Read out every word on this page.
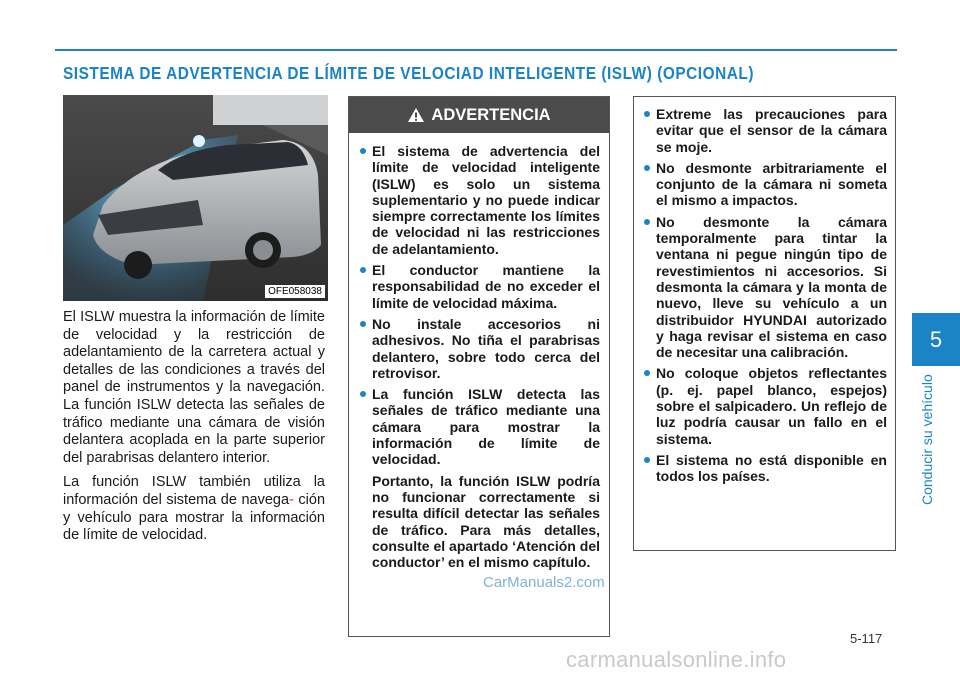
SISTEMA DE ADVERTENCIA DE LÍMITE DE VELOCIAD INTELIGENTE (ISLW) (OPCIONAL)
OFE058038

El ISLW muestra la información de límite de velocidad y la restricción de adelantamiento de la carretera actual y detalles de las condiciones a través del panel de instrumentos y la navegación. La función ISLW detecta las señales de tráfico mediante una cámara de visión delantera acoplada en la parte superior del parabrisas delantero interior.

La función ISLW también utiliza la información del sistema de navega- ción y vehículo para mostrar la información de límite de velocidad.

ADVERTENCIA
El sistema de advertencia del límite de velocidad inteligente (ISLW) es solo un sistema suplementario y no puede indicar siempre correctamente los límites de velocidad ni las restricciones de adelantamiento.
El conductor mantiene la responsabilidad de no exceder el límite de velocidad máxima.
No instale accesorios ni adhesivos. No tiña el parabrisas delantero, sobre todo cerca del retrovisor.
La función ISLW detecta las señales de tráfico mediante una cámara para mostrar la información de límite de velocidad.
Portanto, la función ISLW podría no funcionar correctamente si resulta difícil detectar las señales de tráfico. Para más detalles, consulte el apartado ‘Atención del conductor’ en el mismo capítulo.
Extreme las precauciones para evitar que el sensor de la cámara se moje.
No desmonte arbitrariamente el conjunto de la cámara ni someta el mismo a impactos.
No desmonte la cámara temporalmente para tintar la ventana ni pegue ningún tipo de revestimientos ni accesorios. Si desmonta la cámara y la monta de nuevo, lleve su vehículo a un distribuidor HYUNDAI autorizado y haga revisar el sistema en caso de necesitar una calibración.
No coloque objetos reflectantes (p. ej. papel blanco, espejos) sobre el salpicadero. Un reflejo de luz podría causar un fallo en el sistema.
El sistema no está disponible en todos los países.
5
Conducir su vehículo
5-117
CarManuals2.com
carmanualsonline.info
